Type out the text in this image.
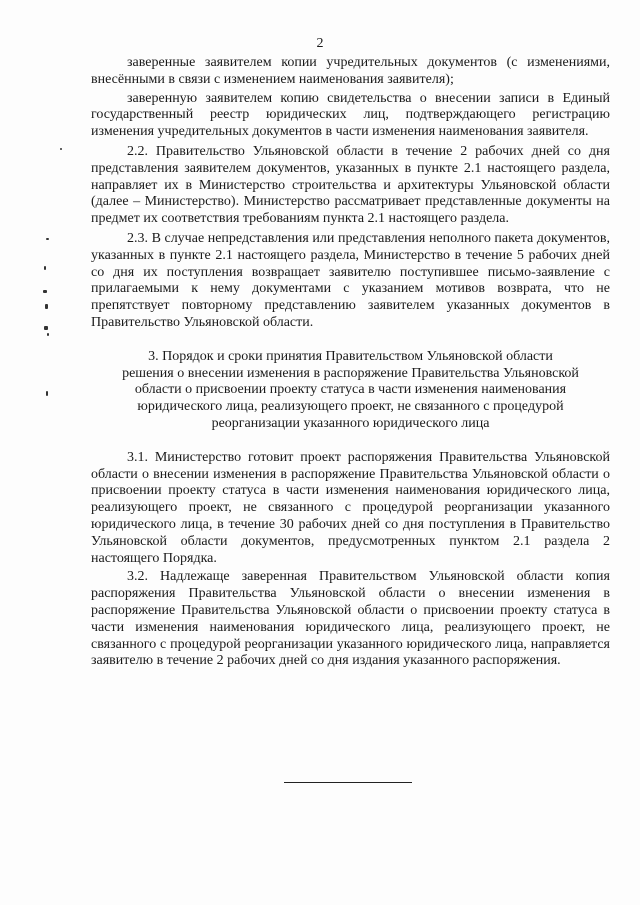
2

заверенные заявителем копии учредительных документов (с изменениями, внесёнными в связи с изменением наименования заявителя);

заверенную заявителем копию свидетельства о внесении записи в Единый государственный реестр юридических лиц, подтверждающего регистрацию изменения учредительных документов в части изменения наименования заявителя.

2.2. Правительство Ульяновской области в течение 2 рабочих дней со дня представления заявителем документов, указанных в пункте 2.1 настоящего раздела, направляет их в Министерство строительства и архитектуры Ульяновской области (далее – Министерство). Министерство рассматривает представленные документы на предмет их соответствия требованиям пункта 2.1 настоящего раздела.

2.3. В случае непредставления или представления неполного пакета документов, указанных в пункте 2.1 настоящего раздела, Министерство в течение 5 рабочих дней со дня их поступления возвращает заявителю поступившее письмо-заявление с прилагаемыми к нему документами с указанием мотивов возврата, что не препятствует повторному представлению заявителем указанных документов в Правительство Ульяновской области.

3. Порядок и сроки принятия Правительством Ульяновской области

решения о внесении изменения в распоряжение Правительства Ульяновской

области о присвоении проекту статуса в части изменения наименования

юридического лица, реализующего проект, не связанного с процедурой

реорганизации указанного юридического лица

3.1. Министерство готовит проект распоряжения Правительства Ульяновской области о внесении изменения в распоряжение Правительства Ульяновской области о присвоении проекту статуса в части изменения наименования юридического лица, реализующего проект, не связанного с процедурой реорганизации указанного юридического лица, в течение 30 рабочих дней со дня поступления в Правительство Ульяновской области документов, предусмотренных пунктом 2.1 раздела 2 настоящего Порядка.

3.2. Надлежаще заверенная Правительством Ульяновской области копия распоряжения Правительства Ульяновской области о внесении изменения в распоряжение Правительства Ульяновской области о присвоении проекту статуса в части изменения наименования юридического лица, реализующего проект, не связанного с процедурой реорганизации указанного юридического лица, направляется заявителю в течение 2 рабочих дней со дня издания указанного распоряжения.
